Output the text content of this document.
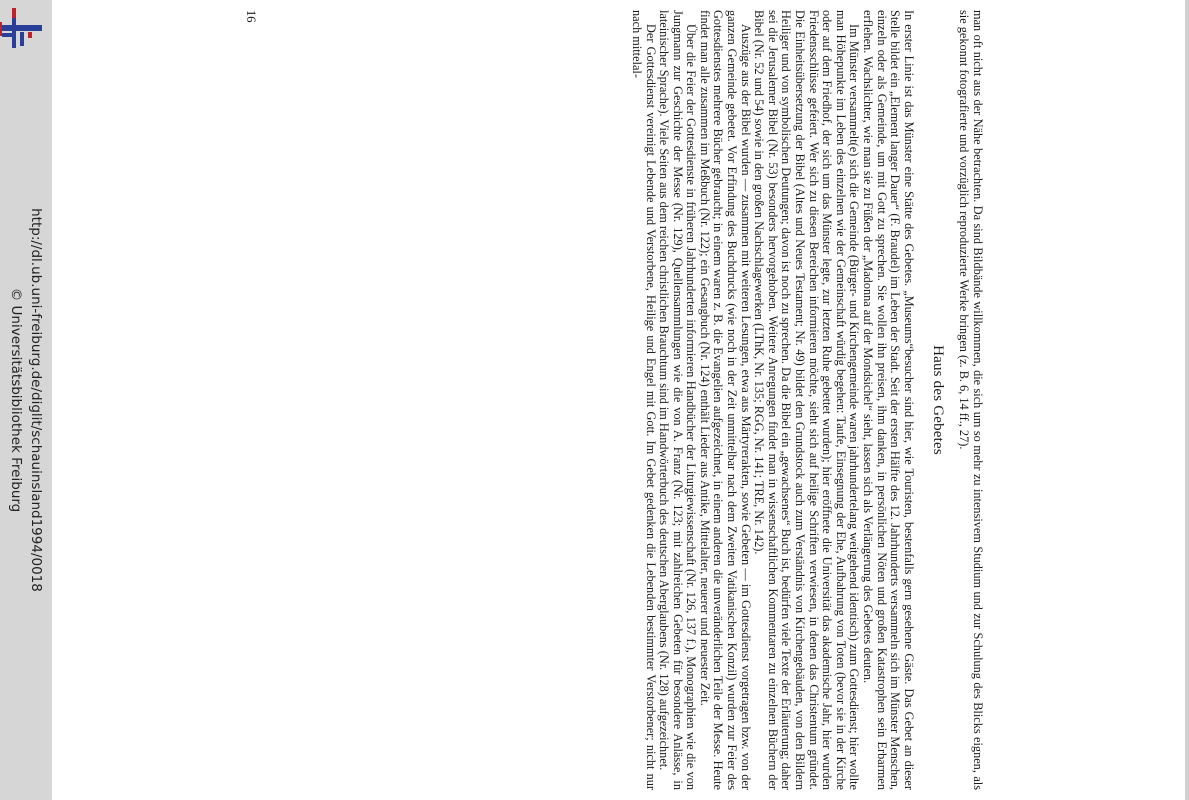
http://dl.ub.uni-freiburg.de/diglit/schauinsland1994/0018
© Universitätsbibliothek Freiburg	man oft nicht aus der Nähe betrachten. Da sind Bildbände willkommen, die sich um so mehr zu intensivem Studium und zur Schulung des Blicks eignen, als sie gekonnt fotografierte und vorzüglich reproduzierte Werke bringen (z. B. 6, 14 ff., 27).

Haus des Gebetes

In erster Linie ist das Münster eine Stätte des Gebetes. „Museums“besucher sind hier, wie Touristen, bestenfalls gern gesehene Gäste. Das Gebet an dieser Stelle bildet ein „Element langer Dauer“ (F. Braudel) im Leben der Stadt. Seit der ersten Hälfte des 12. Jahrhunderts versammeln sich im Münster Menschen, einzeln oder als Gemeinde, um mit Gott zu sprechen. Sie wollen ihn preisen, ihm danken, in persönlichen Nöten und großen Katastrophen sein Erbarmen erflehen. Wachslichter, wie man sie zu Füßen der „Madonna auf der Mondsichel“ sieht, lassen sich als Verlängerung des Gebetes deuten.

Im Münster versammelt(e) sich die Gemeinde (Bürger- und Kirchengemeinde waren jahrhundertelang weitgehend identisch) zum Gottesdienst; hier wollte man Höhepunkte im Leben des einzelnen wie der Gemeinschaft würdig begehen: Taufe, Einsegnung der Ehe, Aufbahrung von Toten (bevor sie in der Kirche oder auf dem Friedhof, der sich um das Münster legte, zur letzten Ruhe gebettet wurden); hier eröffnete die Universität das akademische Jahr, hier wurden Friedensschlüsse gefeiert. Wer sich zu diesen Bereichen informieren möchte, sieht sich auf heilige Schriften verwiesen, in denen das Christentum gründet. Die Einheitsübersetzung der Bibel (Altes und Neues Testament; Nr. 49) bildet den Grundstock auch zum Verständnis von Kirchengebäuden, von den Bildern Heiliger und von symbolischen Deutungen; davon ist noch zu sprechen. Da die Bibel ein „gewachsenes“ Buch ist, bedürfen viele Texte der Erläuterung; daher sei die Jerusalemer Bibel (Nr. 53) besonders hervorgehoben. Weitere Anregungen findet man in wissenschaftlichen Kommentaren zu einzelnen Büchern der Bibel (Nr. 52 und 54) sowie in den großen Nachschlagewerken (LThK, Nr. 135; RGG, Nr. 141; TRE, Nr. 142).

Auszüge aus der Bibel wurden — zusammen mit weiteren Lesungen, etwa aus Märtyrerakten, sowie Gebeten — im Gottesdienst vorgetragen bzw. von der ganzen Gemeinde gebetet. Vor Erfindung des Buchdrucks (wie noch in der Zeit unmittelbar nach dem Zweiten Vatikanischen Konzil) wurden zur Feier des Gottesdienstes mehrere Bücher gebraucht; in einem waren z. B. die Evangelien aufgezeichnet, in einem anderen die unveränderlichen Teile der Messe. Heute findet man alle zusammen im Meßbuch (Nr. 122); ein Gesangbuch (Nr. 124) enthält Lieder aus Antike, Mittelalter, neuerer und neuester Zeit.

Über die Feier der Gottesdienste in früheren Jahrhunderten informieren Handbücher der Liturgiewissenschaft (Nr. 126, 137 f.), Monographien wie die von Jungmann zur Geschichte der Messe (Nr. 129), Quellensammlungen wie die von A. Franz (Nr. 123; mit zahlreichen Gebeten für besondere Anlässe, in lateinischer Sprache). Viele Seiten aus dem reichen christlichen Brauchtum sind im Handwörterbuch des deutschen Aberglaubens (Nr. 128) aufgezeichnet.

Der Gottesdienst vereinigt Lebende und Verstorbene, Heilige und Engel mit Gott. Im Gebet gedenken die Lebenden bestimmter Verstorbener; nicht nur nach mittelal-

16
